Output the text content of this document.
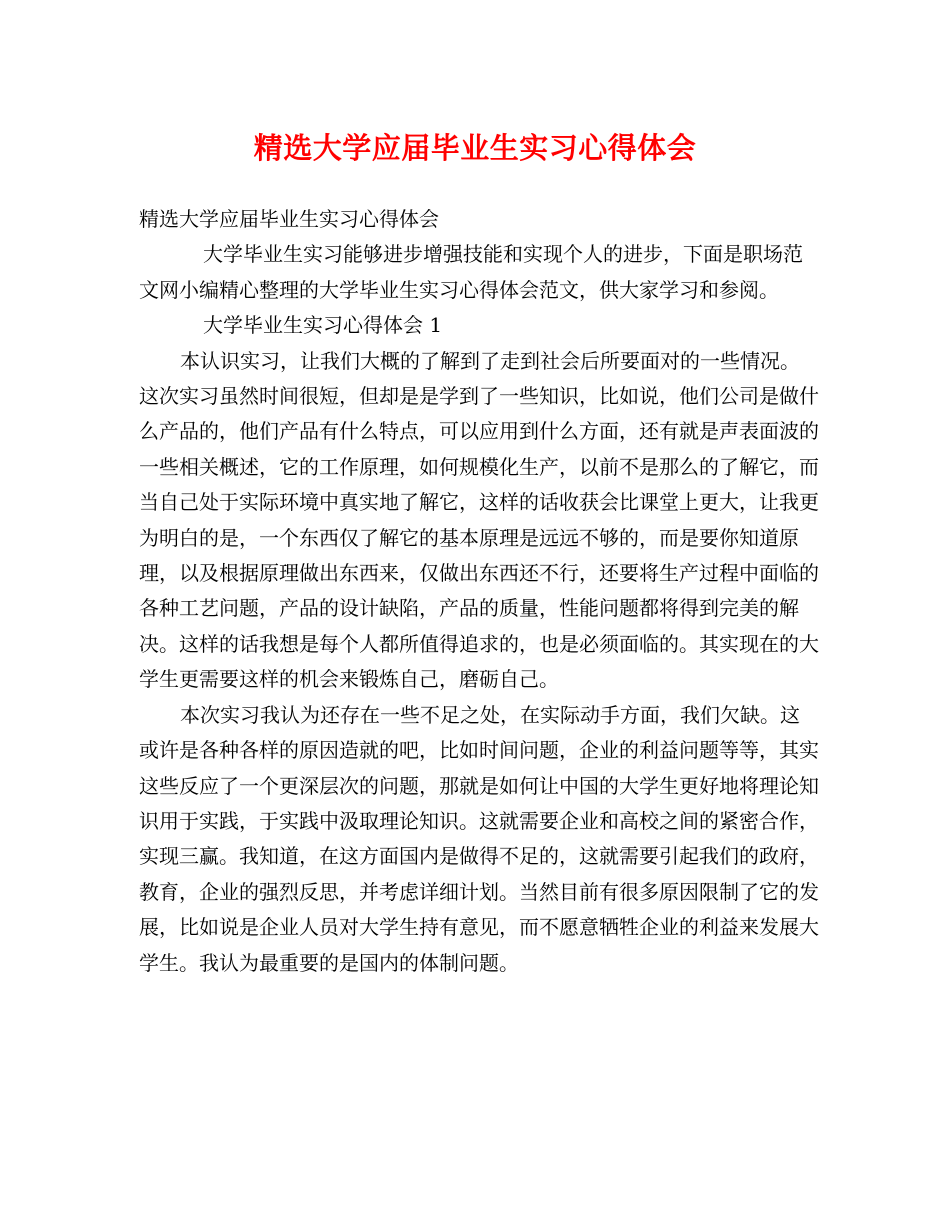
精选大学应届毕业生实习心得体会

精选大学应届毕业生实习心得体会

大学毕业生实习能够进步增强技能和实现个人的进步，下面是职场范文网小编精心整理的大学毕业生实习心得体会范文，供大家学习和参阅。

大学毕业生实习心得体会 1

本认识实习，让我们大概的了解到了走到社会后所要面对的一些情况。这次实习虽然时间很短，但却是是学到了一些知识，比如说，他们公司是做什么产品的，他们产品有什么特点，可以应用到什么方面，还有就是声表面波的一些相关概述，它的工作原理，如何规模化生产，以前不是那么的了解它，而当自己处于实际环境中真实地了解它，这样的话收获会比课堂上更大，让我更为明白的是，一个东西仅了解它的基本原理是远远不够的，而是要你知道原理，以及根据原理做出东西来，仅做出东西还不行，还要将生产过程中面临的各种工艺问题，产品的设计缺陷，产品的质量，性能问题都将得到完美的解决。这样的话我想是每个人都所值得追求的，也是必须面临的。其实现在的大学生更需要这样的机会来锻炼自己，磨砺自己。

本次实习我认为还存在一些不足之处，在实际动手方面，我们欠缺。这或许是各种各样的原因造就的吧，比如时间问题，企业的利益问题等等，其实这些反应了一个更深层次的问题，那就是如何让中国的大学生更好地将理论知识用于实践，于实践中汲取理论知识。这就需要企业和高校之间的紧密合作，实现三赢。我知道，在这方面国内是做得不足的，这就需要引起我们的政府，教育，企业的强烈反思，并考虑详细计划。当然目前有很多原因限制了它的发展，比如说是企业人员对大学生持有意见，而不愿意牺牲企业的利益来发展大学生。我认为最重要的是国内的体制问题。
